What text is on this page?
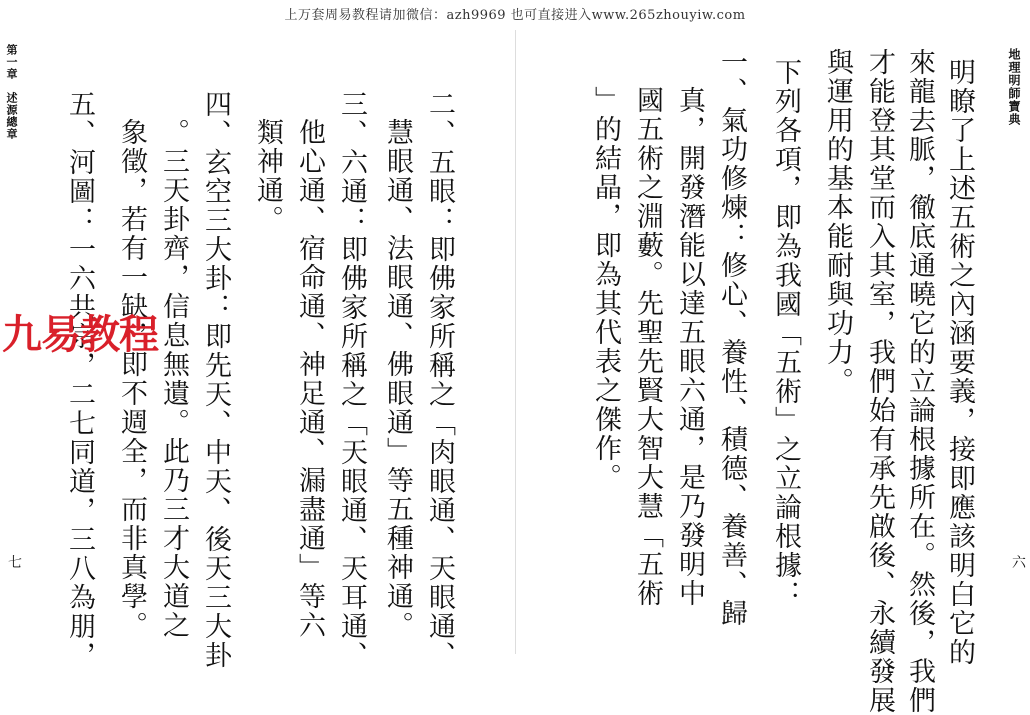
上万套周易教程请加微信：azh9969 也可直接进入www.265zhouyiw.com
地理明師寶典
六
明瞭了上述五術之內涵要義，接即應該明白它的
來龍去脈，徹底通曉它的立論根據所在。然後，我們
才能登其堂而入其室，我們始有承先啟後、永續發展
與運用的基本能耐與功力。
下列各項，即為我國「五術」之立論根據：
一、氣功修煉：修心、養性、積德、養善、歸
真，開發潛能以達五眼六通，是乃發明中
國五術之淵藪。先聖先賢大智大慧「五術
」的結晶，即為其代表之傑作。
第一章　述源總章
七	二、五眼：即佛家所稱之「肉眼通、天眼通、
慧眼通、法眼通、佛眼通」等五種神通。
三、六通：即佛家所稱之「天眼通、天耳通、
他心通、宿命通、神足通、漏盡通」等六
類神通。
四、玄空三大卦：即先天、中天、後天三大卦
。三天卦齊，信息無遺。此乃三才大道之
象徵，若有一缺，即不週全，而非真學。
五、河圖：一六共宗，二七同道，三八為朋，
九易教程
